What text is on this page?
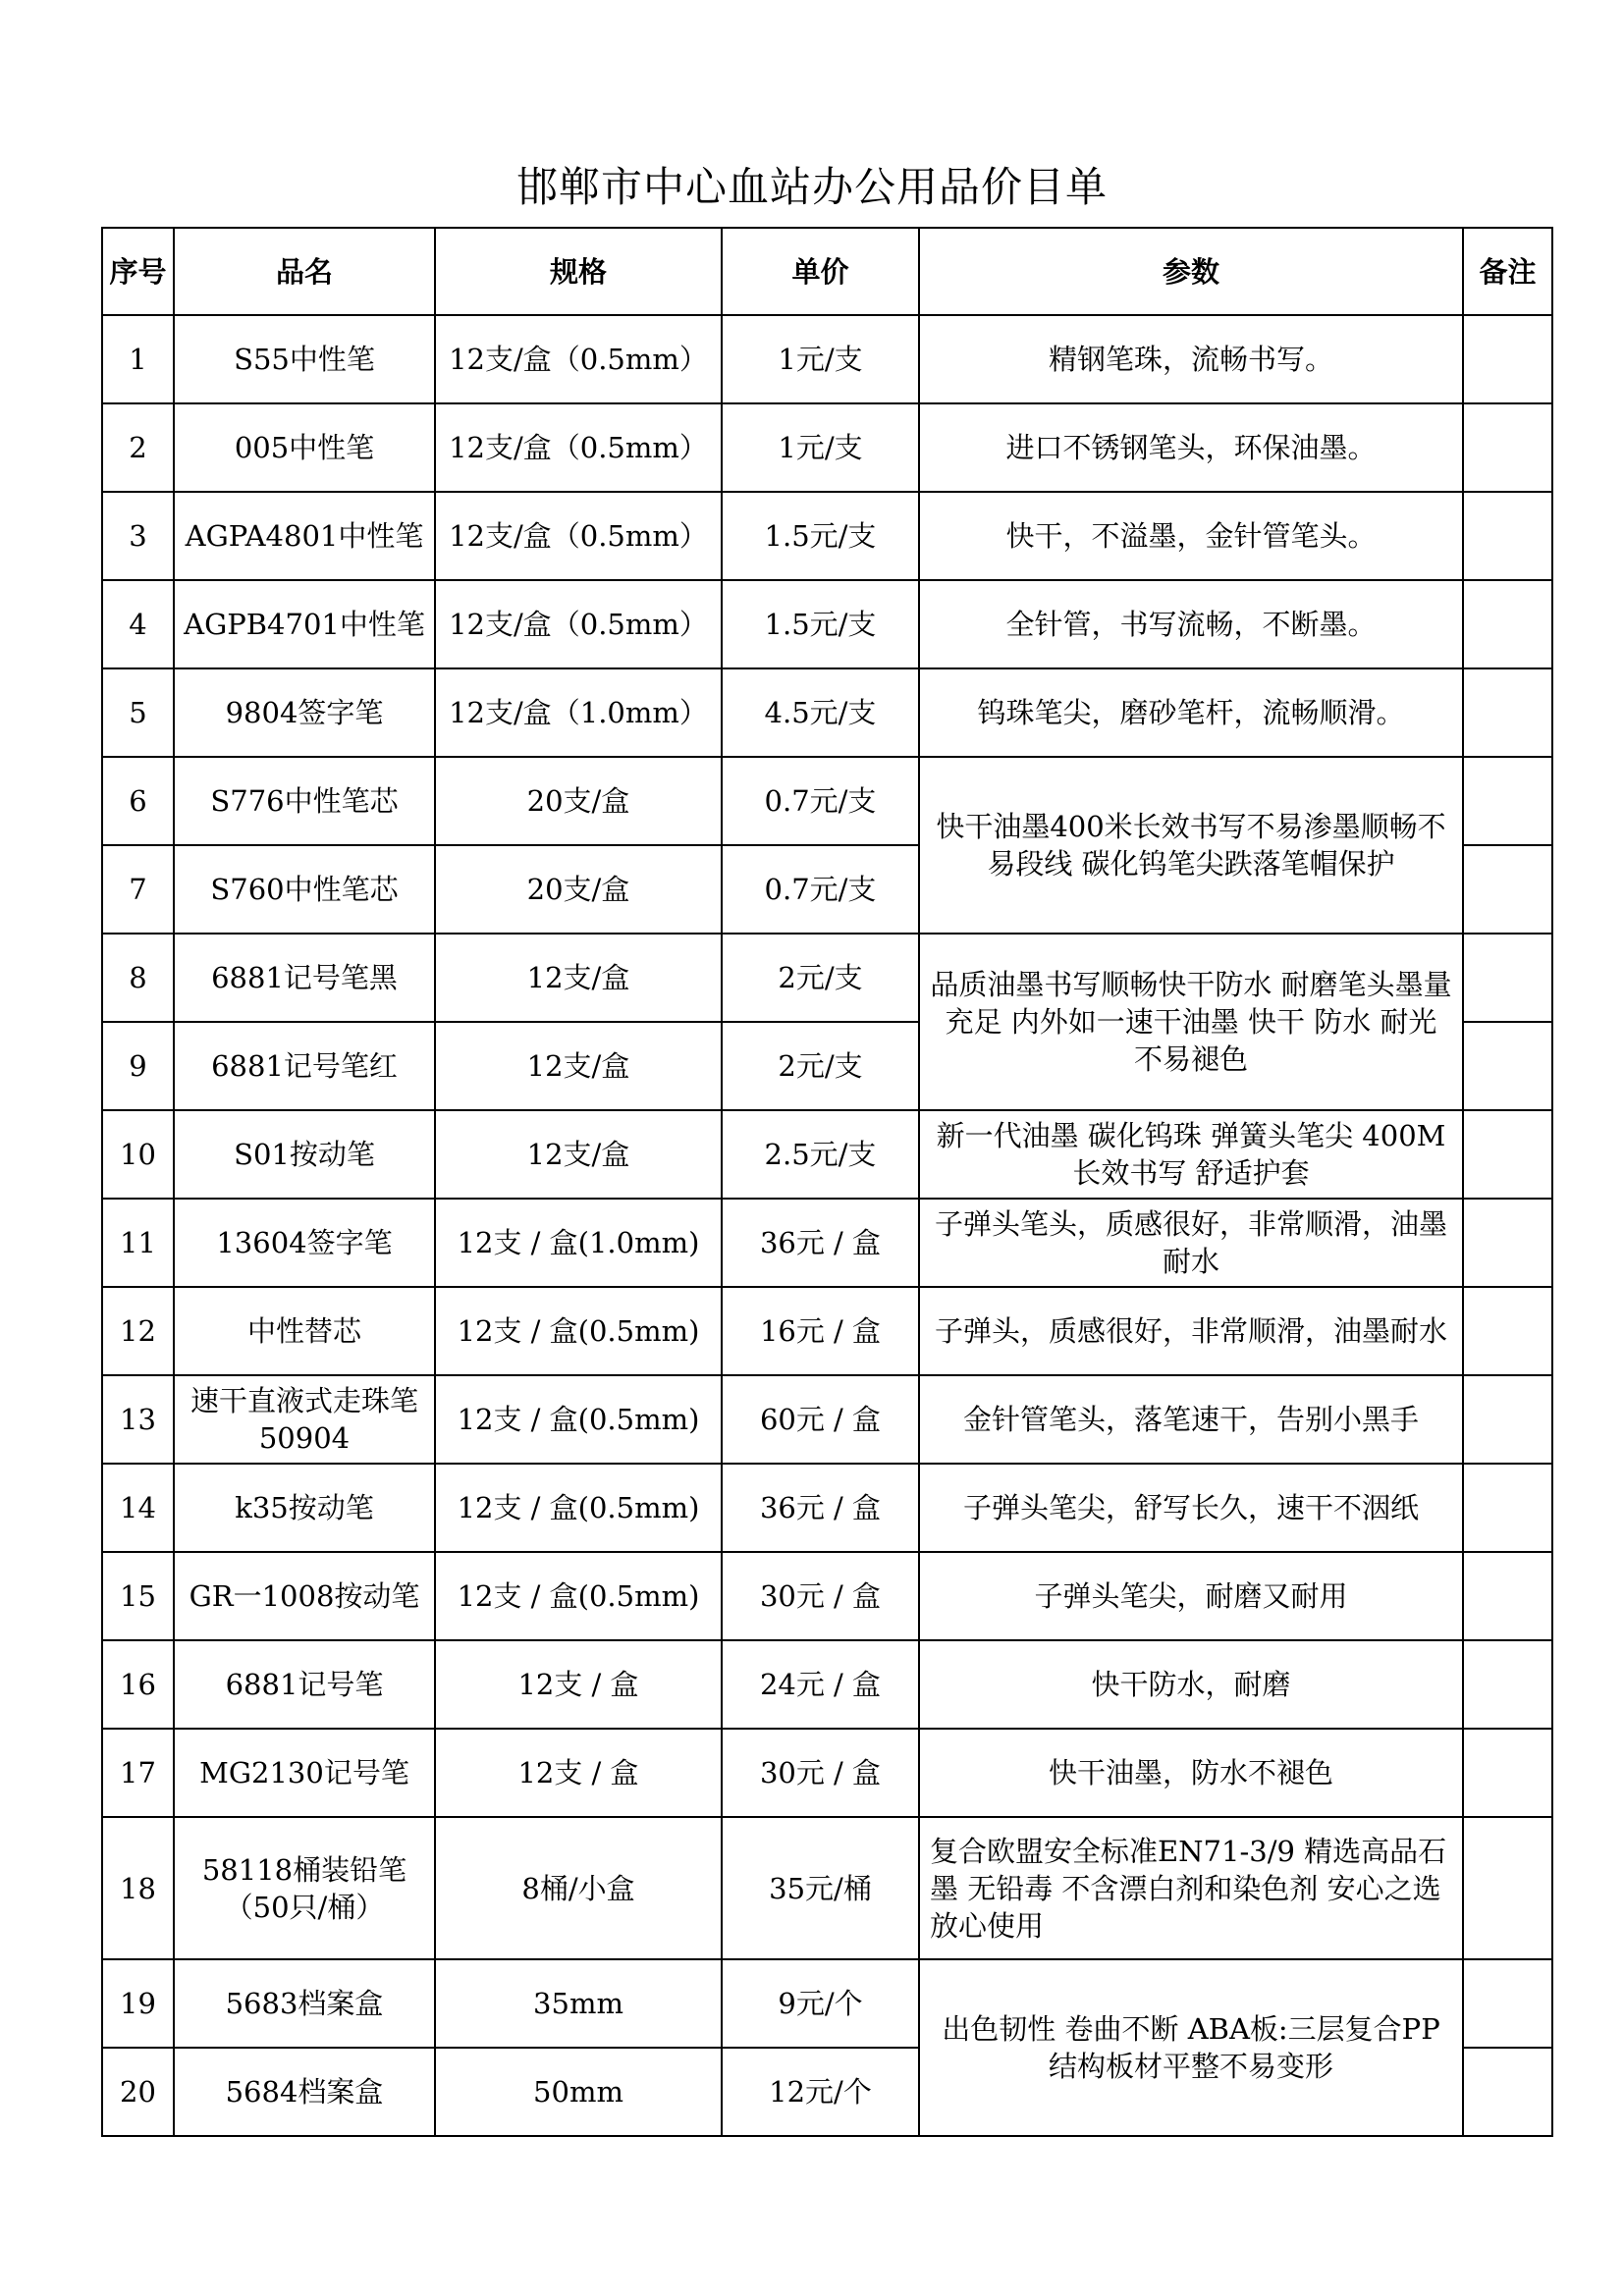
邯郸市中心血站办公用品价目单
序号	品名	规格	单价	参数	备注
1	S55中性笔	12支/盒（0.5mm）	1元/支	精钢笔珠，流畅书写。	
2	005中性笔	12支/盒（0.5mm）	1元/支	进口不锈钢笔头，环保油墨。	
3	AGPA4801中性笔	12支/盒（0.5mm）	1.5元/支	快干，不溢墨，金针管笔头。	
4	AGPB4701中性笔	12支/盒（0.5mm）	1.5元/支	全针管，书写流畅，不断墨。	
5	9804签字笔	12支/盒（1.0mm）	4.5元/支	钨珠笔尖，磨砂笔杆，流畅顺滑。	
6	S776中性笔芯	20支/盒	0.7元/支	快干油墨400米长效书写不易渗墨顺畅不易段线 碳化钨笔尖跌落笔帽保护	
7	S760中性笔芯	20支/盒	0.7元/支		
8	6881记号笔黑	12支/盒	2元/支	品质油墨书写顺畅快干防水 耐磨笔头墨量充足 内外如一速干油墨 快干 防水 耐光 不易褪色	
9	6881记号笔红	12支/盒	2元/支		
10	S01按动笔	12支/盒	2.5元/支	新一代油墨 碳化钨珠 弹簧头笔尖 400M长效书写 舒适护套	
11	13604签字笔	12支 / 盒(1.0mm)	36元 / 盒	子弹头笔头，质感很好，非常顺滑，油墨耐水	
12	中性替芯	12支 / 盒(0.5mm)	16元 / 盒	子弹头，质感很好，非常顺滑，油墨耐水	
13	速干直液式走珠笔50904	12支 / 盒(0.5mm)	60元 / 盒	金针管笔头，落笔速干，告别小黑手	
14	k35按动笔	12支 / 盒(0.5mm)	36元 / 盒	子弹头笔尖，舒写长久，速干不洇纸	
15	GR一1008按动笔	12支 / 盒(0.5mm)	30元 / 盒	子弹头笔尖，耐磨又耐用	
16	6881记号笔	12支 / 盒	24元 / 盒	快干防水，耐磨	
17	MG2130记号笔	12支 / 盒	30元 / 盒	快干油墨，防水不褪色	
18	58118桶装铅笔（50只/桶）	8桶/小盒	35元/桶	复合欧盟安全标准EN71-3/9 精选高品石墨 无铅毒 不含漂白剂和染色剂 安心之选 放心使用	
19	5683档案盒	35mm	9元/个	出色韧性 卷曲不断 ABA板:三层复合PP结构板材平整不易变形	
20	5684档案盒	50mm	12元/个		
